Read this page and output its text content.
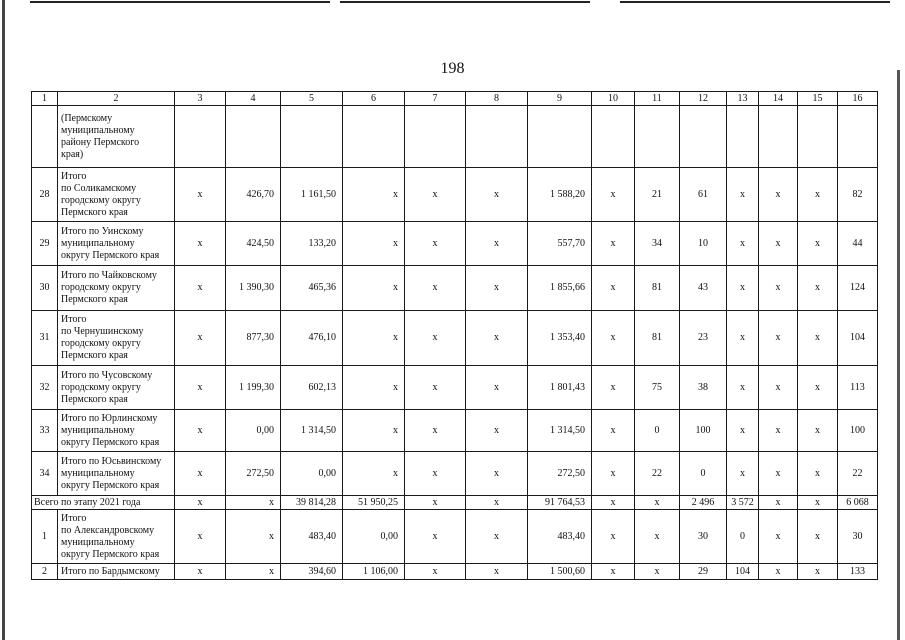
198
1	2	3	4	5	6	7	8	9	10	11	12	13	14	15	16

	(Пермскому
муниципальному
району Пермского
края)														

28	Итого
по Соликамскому
городскому округу
Пермского края	х	426,70	1 161,50	х	х	х	1 588,20	х	21	61	х	х	х	82
29	Итого по Уинскому
муниципальному
округу Пермского края	х	424,50	133,20	х	х	х	557,70	х	34	10	х	х	х	44
30	Итого по Чайковскому
городскому округу
Пермского края	х	1 390,30	465,36	х	х	х	1 855,66	х	81	43	х	х	х	124
31	Итого
по Чернушинскому
городскому округу
Пермского края	х	877,30	476,10	х	х	х	1 353,40	х	81	23	х	х	х	104
32	Итого по Чусовскому
городскому округу
Пермского края	х	1 199,30	602,13	х	х	х	1 801,43	х	75	38	х	х	х	113
33	Итого по Юрлинскому
муниципальному
округу Пермского края	х	0,00	1 314,50	х	х	х	1 314,50	х	0	100	х	х	х	100
34	Итого по Юсьвинскому
муниципальному
округу Пермского края	х	272,50	0,00	х	х	х	272,50	х	22	0	х	х	х	22
Всего по этапу 2021 года		х	х	39 814,28	51 950,25	х	х	91 764,53	х	х	2 496	3 572	х	х	6 068
1	Итого
по Александровскому
муниципальному
округу Пермского края	х	х	483,40	0,00	х	х	483,40	х	х	30	0	х	х	30
2	Итого по Бардымскому	х	х	394,60	1 106,00	х	х	1 500,60	х	х	29	104	х	х	133
